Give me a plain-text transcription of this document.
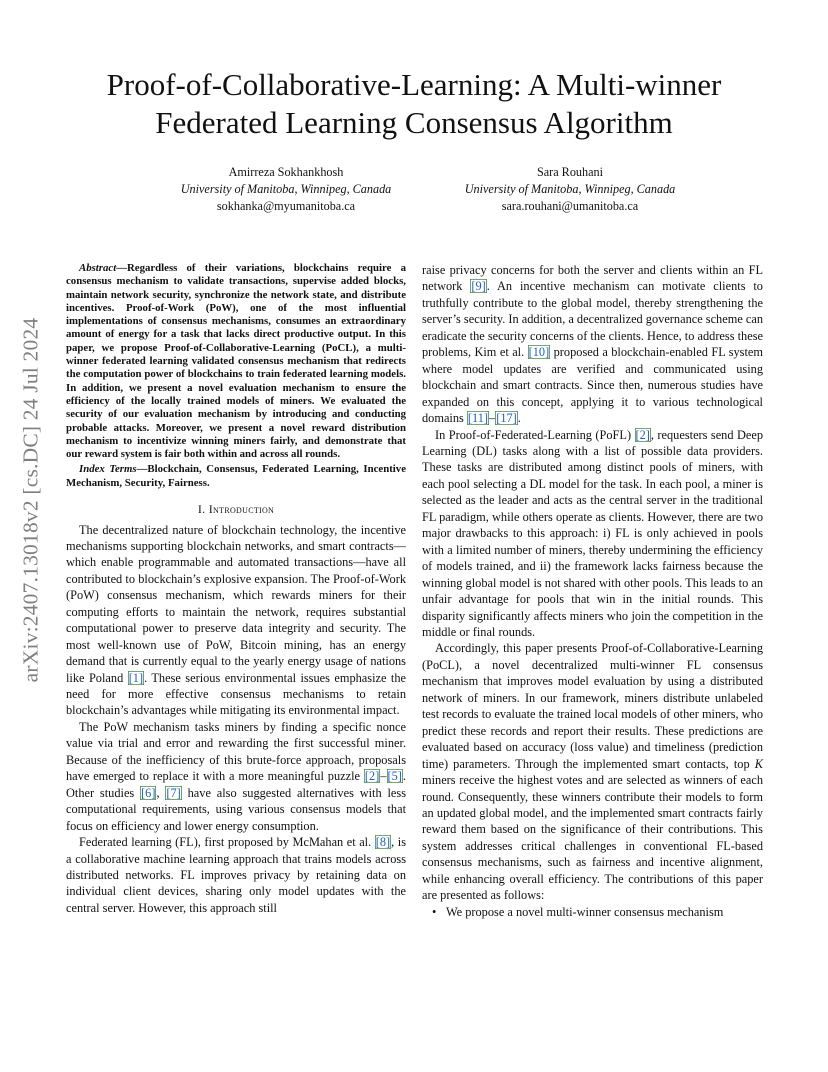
arXiv:2407.13018v2 [cs.DC] 24 Jul 2024
Proof-of-Collaborative-Learning: A Multi-winner
Federated Learning Consensus Algorithm
Amirreza Sokhankhosh
University of Manitoba, Winnipeg, Canada
sokhanka@myumanitoba.ca
Sara Rouhani
University of Manitoba, Winnipeg, Canada
sara.rouhani@umanitoba.ca

Abstract—Regardless of their variations, blockchains require a consensus mechanism to validate transactions, supervise added blocks, maintain network security, synchronize the network state, and distribute incentives. Proof-of-Work (PoW), one of the most influential implementations of consensus mechanisms, consumes an extraordinary amount of energy for a task that lacks direct productive output. In this paper, we propose Proof-of-Collaborative-Learning (PoCL), a multi-winner federated learning validated consensus mechanism that redirects the computation power of blockchains to train federated learning models. In addition, we present a novel evaluation mechanism to ensure the efficiency of the locally trained models of miners. We evaluated the security of our evaluation mechanism by introducing and conducting probable attacks. Moreover, we present a novel reward distribution mechanism to incentivize winning miners fairly, and demonstrate that our reward system is fair both within and across all rounds.

Index Terms—Blockchain, Consensus, Federated Learning, Incentive Mechanism, Security, Fairness.

I. Introduction

The decentralized nature of blockchain technology, the incentive mechanisms supporting blockchain networks, and smart contracts—which enable programmable and automated transactions—have all contributed to blockchain’s explosive expansion. The Proof-of-Work (PoW) consensus mechanism, which rewards miners for their computing efforts to maintain the network, requires substantial computational power to preserve data integrity and security. The most well-known use of PoW, Bitcoin mining, has an energy demand that is currently equal to the yearly energy usage of nations like Poland [1]. These serious environmental issues emphasize the need for more effective consensus mechanisms to retain blockchain’s advantages while mitigating its environmental impact.

The PoW mechanism tasks miners by finding a specific nonce value via trial and error and rewarding the first successful miner. Because of the inefficiency of this brute-force approach, proposals have emerged to replace it with a more meaningful puzzle [2]–[5]. Other studies [6], [7] have also suggested alternatives with less computational requirements, using various consensus models that focus on efficiency and lower energy consumption.

Federated learning (FL), first proposed by McMahan et al. [8], is a collaborative machine learning approach that trains models across distributed networks. FL improves privacy by retaining data on individual client devices, sharing only model updates with the central server. However, this approach still

raise privacy concerns for both the server and clients within an FL network [9]. An incentive mechanism can motivate clients to truthfully contribute to the global model, thereby strengthening the server’s security. In addition, a decentralized governance scheme can eradicate the security concerns of the clients. Hence, to address these problems, Kim et al. [10] proposed a blockchain-enabled FL system where model updates are verified and communicated using blockchain and smart contracts. Since then, numerous studies have expanded on this concept, applying it to various technological domains [11]–[17].

In Proof-of-Federated-Learning (PoFL) [2], requesters send Deep Learning (DL) tasks along with a list of possible data providers. These tasks are distributed among distinct pools of miners, with each pool selecting a DL model for the task. In each pool, a miner is selected as the leader and acts as the central server in the traditional FL paradigm, while others operate as clients. However, there are two major drawbacks to this approach: i) FL is only achieved in pools with a limited number of miners, thereby undermining the efficiency of models trained, and ii) the framework lacks fairness because the winning global model is not shared with other pools. This leads to an unfair advantage for pools that win in the initial rounds. This disparity significantly affects miners who join the competition in the middle or final rounds.

Accordingly, this paper presents Proof-of-Collaborative-Learning (PoCL), a novel decentralized multi-winner FL consensus mechanism that improves model evaluation by using a distributed network of miners. In our framework, miners distribute unlabeled test records to evaluate the trained local models of other miners, who predict these records and report their results. These predictions are evaluated based on accuracy (loss value) and timeliness (prediction time) parameters. Through the implemented smart contacts, top K miners receive the highest votes and are selected as winners of each round. Consequently, these winners contribute their models to form an updated global model, and the implemented smart contracts fairly reward them based on the significance of their contributions. This system addresses critical challenges in conventional FL-based consensus mechanisms, such as fairness and incentive alignment, while enhancing overall efficiency. The contributions of this paper are presented as follows:

• We propose a novel multi-winner consensus mechanism
